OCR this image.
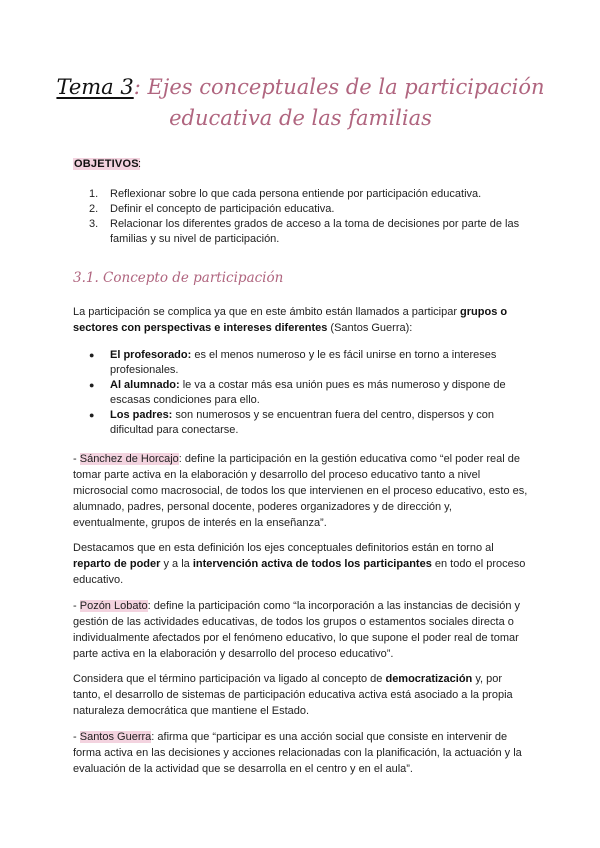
Tema 3: Ejes conceptuales de la participación educativa de las familias
OBJETIVOS :
1. Reflexionar sobre lo que cada persona entiende por participación educativa.
2. Definir el concepto de participación educativa.
3. Relacionar los diferentes grados de acceso a la toma de decisiones por parte de las familias y su nivel de participación.
3.1. Concepto de participación

La participación se complica ya que en este ámbito están llamados a participar grupos o sectores con perspectivas e intereses diferentes (Santos Guerra):

● El profesorado: es el menos numeroso y le es fácil unirse en torno a intereses profesionales.
● Al alumnado: le va a costar más esa unión pues es más numeroso y dispone de escasas condiciones para ello.
● Los padres: son numerosos y se encuentran fuera del centro, dispersos y con dificultad para conectarse.

- Sánchez de Horcajo: define la participación en la gestión educativa como “el poder real de tomar parte activa en la elaboración y desarrollo del proceso educativo tanto a nivel microsocial como macrosocial, de todos los que intervienen en el proceso educativo, esto es, alumnado, padres, personal docente, poderes organizadores y de dirección y, eventualmente, grupos de interés en la enseñanza”.

Destacamos que en esta definición los ejes conceptuales definitorios están en torno al reparto de poder y a la intervención activa de todos los participantes en todo el proceso educativo.

- Pozón Lobato: define la participación como “la incorporación a las instancias de decisión y gestión de las actividades educativas, de todos los grupos o estamentos sociales directa o individualmente afectados por el fenómeno educativo, lo que supone el poder real de tomar parte activa en la elaboración y desarrollo del proceso educativo”.

Considera que el término participación va ligado al concepto de democratización y, por tanto, el desarrollo de sistemas de participación educativa activa está asociado a la propia naturaleza democrática que mantiene el Estado.

- Santos Guerra: afirma que “participar es una acción social que consiste en intervenir de forma activa en las decisiones y acciones relacionadas con la planificación, la actuación y la evaluación de la actividad que se desarrolla en el centro y en el aula”.
